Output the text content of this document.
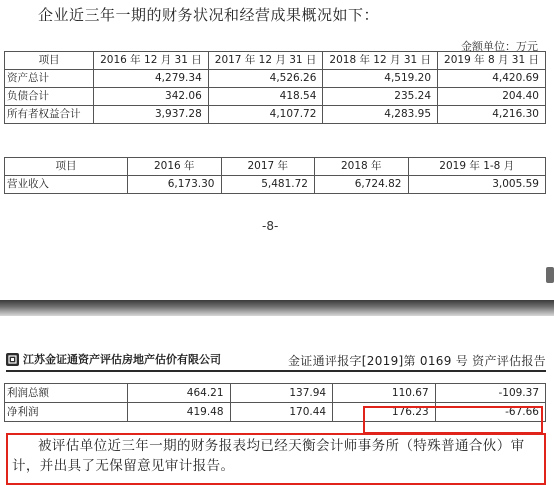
企业近三年一期的财务状况和经营成果概况如下：
金额单位：万元
项目	2016 年 12 月 31 日	2017 年 12 月 31 日	2018 年 12 月 31 日	2019 年 8 月 31 日
资产总计	4,279.34	4,526.26	4,519.20	4,420.69
负债合计	342.06	418.54	235.24	204.40
所有者权益合计	3,937.28	4,107.72	4,283.95	4,216.30
项目	2016 年	2017 年	2018 年	2019 年 1-8 月
营业收入	6,173.30	5,481.72	6,724.82	3,005.59
-8-
江苏金证通资产评估房地产估价有限公司	金证通评报字[2019]第 0169 号 资产评估报告
利润总额	464.21	137.94	110.67	-109.37
净利润	419.48	170.44	176.23	-67.66
被评估单位近三年一期的财务报表均已经天衡会计师事务所（特殊普通合伙）审计，并出具了无保留意见审计报告。
